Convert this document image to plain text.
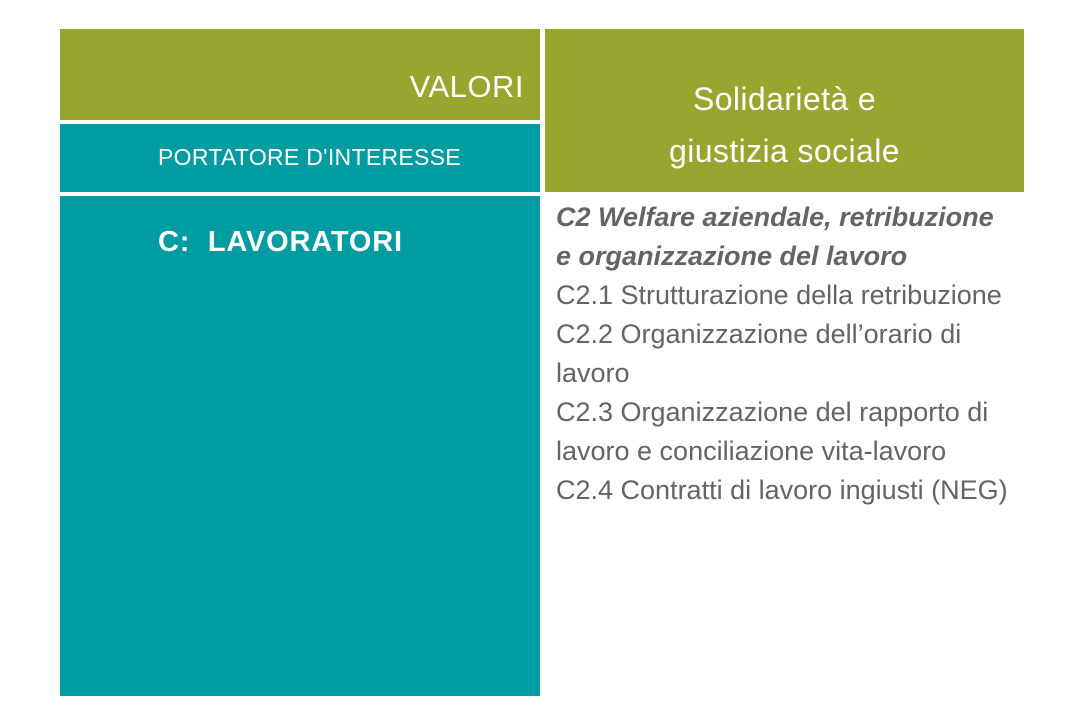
VALORI
PORTATORE D'INTERESSE
Solidarietà e
giustizia sociale
C:  LAVORATORI

C2 Welfare aziendale, retribuzione e organizzazione del lavoro

C2.1 Strutturazione della retribuzione

C2.2 Organizzazione dell’orario di lavoro

C2.3 Organizzazione del rapporto di lavoro e conciliazione vita-lavoro

C2.4 Contratti di lavoro ingiusti (NEG)
